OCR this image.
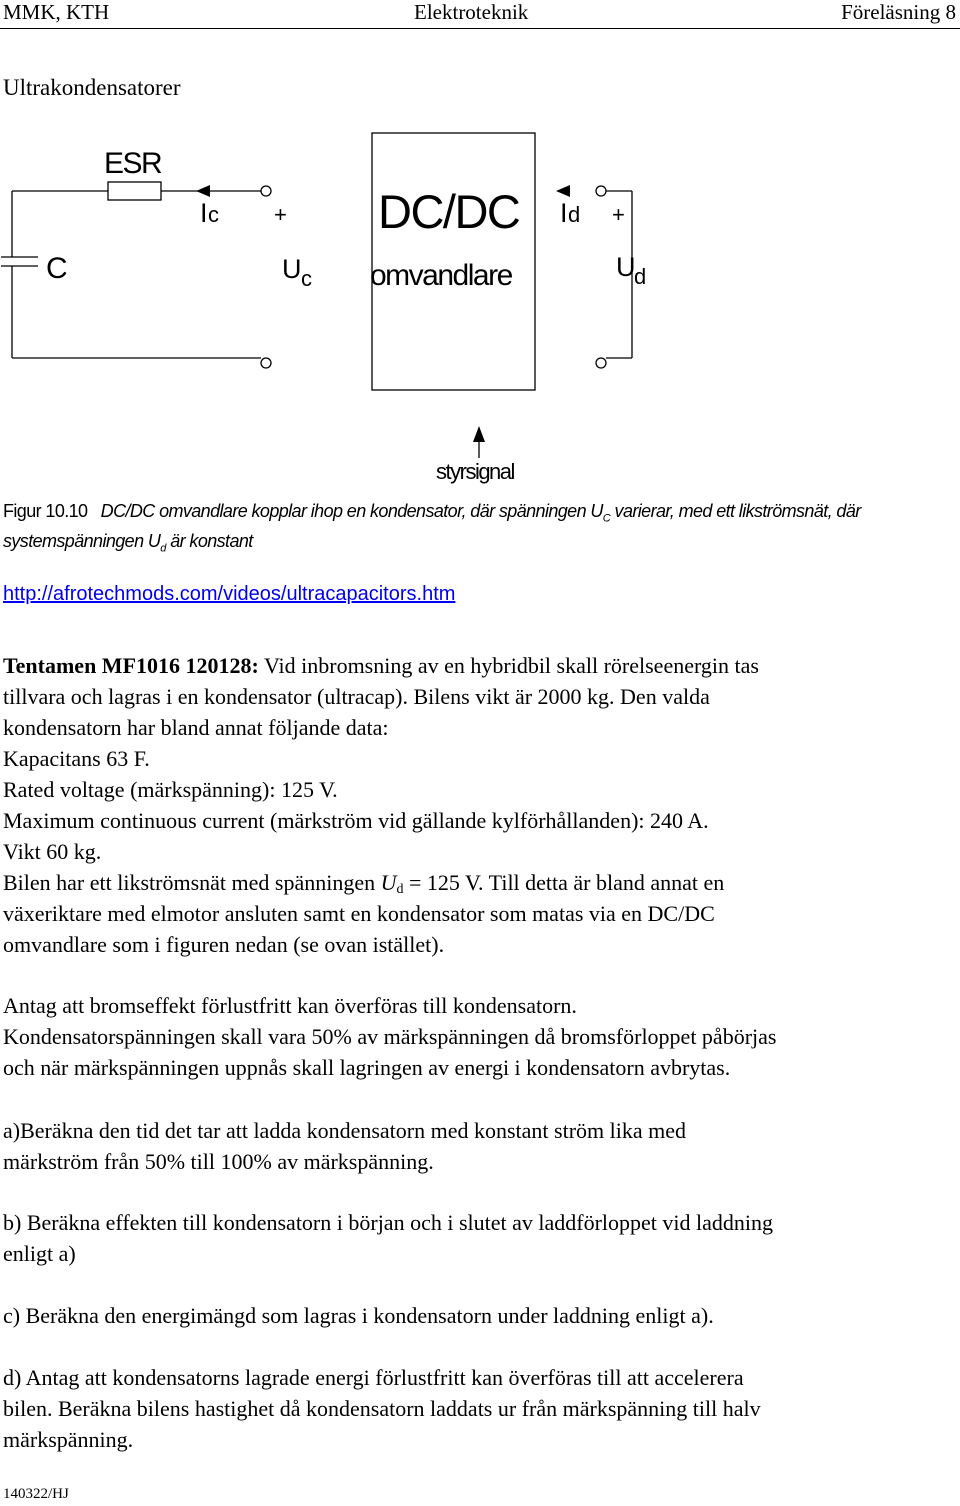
MMK, KTH	Elektroteknik	Föreläsning 8
Ultrakondensatorer
ESR
C
Ic	+
$U_c$
DC/DC
omvandlare
Id +
$U_d$
styrsignal
Figur 10.10 DC/DC omvandlare kopplar ihop en kondensator, där spänningen $U_C$ varierar, med ett likströmsnät, där systemspänningen $U_d$ är konstant
http://afrotechmods.com/videos/ultracapacitors.htm
Tentamen MF1016 120128: Vid inbromsning av en hybridbil skall rörelseenergin tas
tillvara och lagras i en kondensator (ultracap). Bilens vikt är 2000 kg. Den valda
kondensatorn har bland annat följande data:
Kapacitans 63 F.
Rated voltage (märkspänning): 125 V.
Maximum continuous current (märkström vid gällande kylförhållanden): 240 A.
Vikt 60 kg.
Bilen har ett likströmsnät med spänningen $U_d = 125$ V. Till detta är bland annat en
växeriktare med elmotor ansluten samt en kondensator som matas via en DC/DC
omvandlare som i figuren nedan (se ovan istället).
Antag att bromseffekt förlustfritt kan överföras till kondensatorn.
Kondensatorspänningen skall vara 50% av märkspänningen då bromsförloppet påbörjas
och när märkspänningen uppnås skall lagringen av energi i kondensatorn avbrytas.
a)Beräkna den tid det tar att ladda kondensatorn med konstant ström lika med
märkström från 50% till 100% av märkspänning.
b) Beräkna effekten till kondensatorn i början och i slutet av laddförloppet vid laddning
enligt a)
c) Beräkna den energimängd som lagras i kondensatorn under laddning enligt a).
d) Antag att kondensatorns lagrade energi förlustfritt kan överföras till att accelerera
bilen. Beräkna bilens hastighet då kondensatorn laddats ur från märkspänning till halv
märkspänning.
140322/HJ
